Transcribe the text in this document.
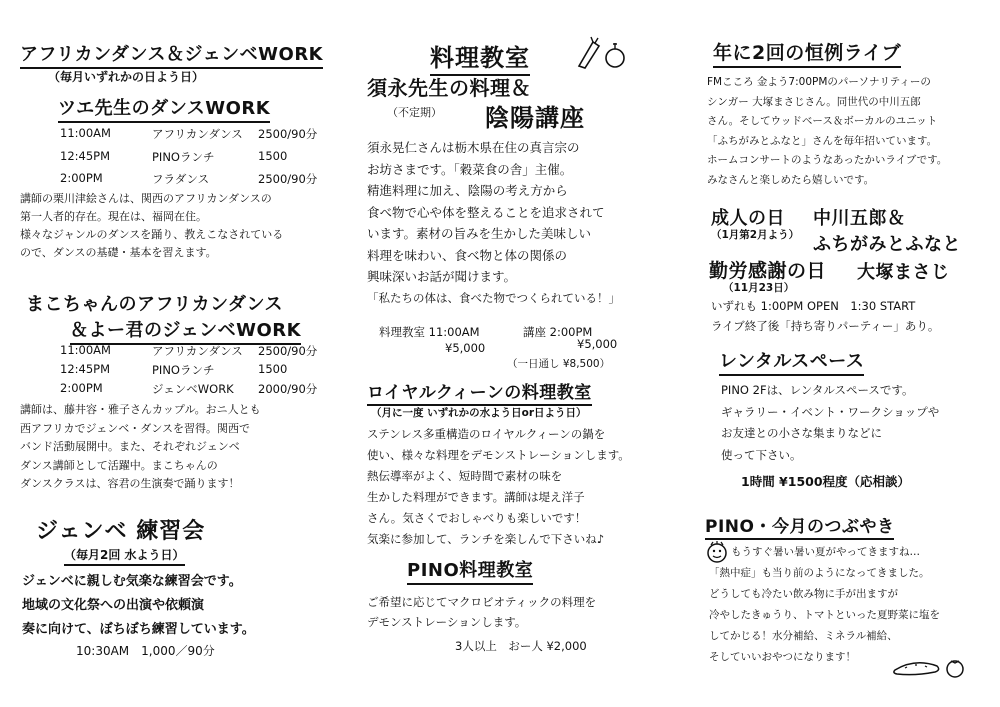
アフリカンダンス＆ジェンベWORK
（毎月いずれかの日よう日）
ツエ先生のダンスWORK
11:00AM	アフリカンダンス 2500/90分
12:45PM	PINOランチ	1500
2:00PM	フラダンス	2500/90分
講師の栗川津絵さんは、関西のアフリカンダンスの
第一人者的存在。現在は、福岡在住。
様々なジャンルのダンスを踊り、教えこなされている
ので、ダンスの基礎・基本を習えます。
まこちゃんのアフリカンダンス
＆よー君のジェンベWORK
11:00AM	アフリカンダンス 2500/90分
12:45PM	PINOランチ	1500
2:00PM	ジェンベWORK 2000/90分
講師は、藤井容・雅子さんカップル。おニ人とも
西アフリカでジェンベ・ダンスを習得。関西で
バンド活動展開中。また、それぞれジェンベ
ダンス講師として活躍中。まこちゃんの
ダンスクラスは、容君の生演奏で踊ります！
ジェンベ 練習会
（毎月2回 水よう日）
ジェンベに親しむ気楽な練習会です。
地域の文化祭への出演や依頼演
奏に向けて、ぼちぼち練習しています。
10:30AM　1,000／90分
料理教室
須永先生の料理＆
（不定期） 陰陽講座
須永晃仁さんは栃木県在住の真言宗の
お坊さまです。「穀菜食の舎」主催。
精進料理に加え、陰陽の考え方から
食べ物で心や体を整えることを追求されて
います。素材の旨みを生かした美味しい
料理を味わい、食べ物と体の関係の
興味深いお話が聞けます。
「私たちの体は、食べた物でつくられている！」
料理教室 11:00AM
¥5,000
講座 2:00PM
¥5,000
（一日通し ¥8,500）
ロイヤルクィーンの料理教室
（月に一度 いずれかの水よう日or日よう日）
ステンレス多重構造のロイヤルクィーンの鍋を
使い、様々な料理をデモンストレーションします。
熱伝導率がよく、短時間で素材の味を
生かした料理ができます。講師は堤え洋子
さん。気さくでおしゃべりも楽しいです！
気楽に参加して、ランチを楽しんで下さいね♪
PINO料理教室
ご希望に応じてマクロビオティックの料理を
デモンストレーションします。
3人以上　おー人 ¥2,000
年に2回の恒例ライブ
FMこころ 金よう7:00PMのパーソナリティーの
シンガー 大塚まさじさん。同世代の中川五郎
さん。そしてウッドベース＆ボーカルのユニット
「ふちがみとふなと」さんを毎年招いています。
ホームコンサートのようなあったかいライブです。
みなさんと楽しめたら嬉しいです。
成人の日
（1月第2月よう）
中川五郎＆
ふちがみとふなと
勤労感謝の日
（11月23日）
大塚まさじ
いずれも 1:00PM OPEN　1:30 START
ライブ終了後「持ち寄りパーティー」あり。
レンタルスペース
PINO 2Fは、レンタルスペースです。
ギャラリー・イベント・ワークショップや
お友達との小さな集まりなどに
使って下さい。
1時間 ¥1500程度（応相談）
PINO・今月のつぶやき
もうすぐ暑い暑い夏がやってきますね…
「熱中症」も当り前のようになってきました。
どうしても冷たい飲み物に手が出ますが
冷やしたきゅうり、トマトといった夏野菜に塩を
してかじる！水分補給、ミネラル補給、
そしていいおやつになります！
